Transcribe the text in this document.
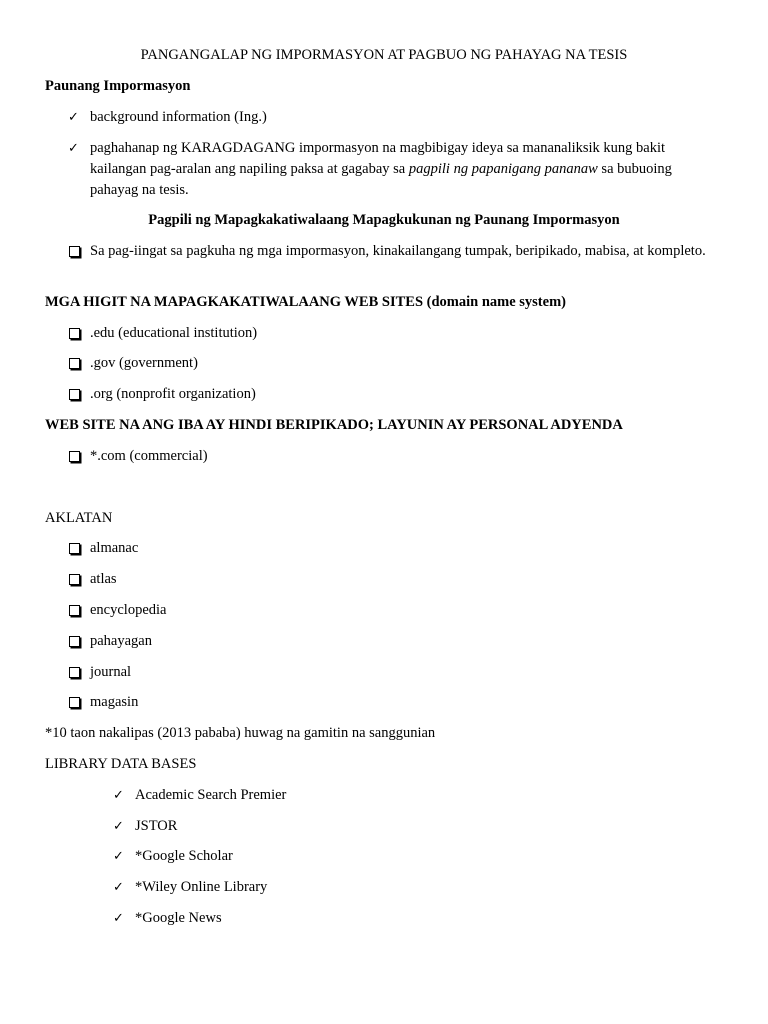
PANGANGALAP NG IMPORMASYON AT PAGBUO NG PAHAYAG NA TESIS
Paunang Impormasyon
✓ background information (Ing.)
✓ paghahanap ng KARAGDAGANG impormasyon na magbibigay ideya sa mananaliksik kung bakit kailangan pag-aralan ang napiling paksa at gagabay sa pagpili ng papanigang pananaw sa bubuoing pahayag na tesis.
Pagpili ng Mapagkakatiwalaang Mapagkukunan ng Paunang Impormasyon
Sa pag-iingat sa pagkuha ng mga impormasyon, kinakailangang tumpak, beripikado, mabisa, at kompleto.
MGA HIGIT NA MAPAGKAKATIWALAANG WEB SITES (domain name system)
.edu (educational institution)
.gov (government)
.org (nonprofit organization)
WEB SITE NA ANG IBA AY HINDI BERIPIKADO; LAYUNIN AY PERSONAL ADYENDA
*.com (commercial)
AKLATAN
almanac
atlas
encyclopedia
pahayagan
journal
magasin
*10 taon nakalipas (2013 pababa) huwag na gamitin na sanggunian
LIBRARY DATA BASES
✓ Academic Search Premier
✓ JSTOR
✓ *Google Scholar
✓ *Wiley Online Library
✓ *Google News
